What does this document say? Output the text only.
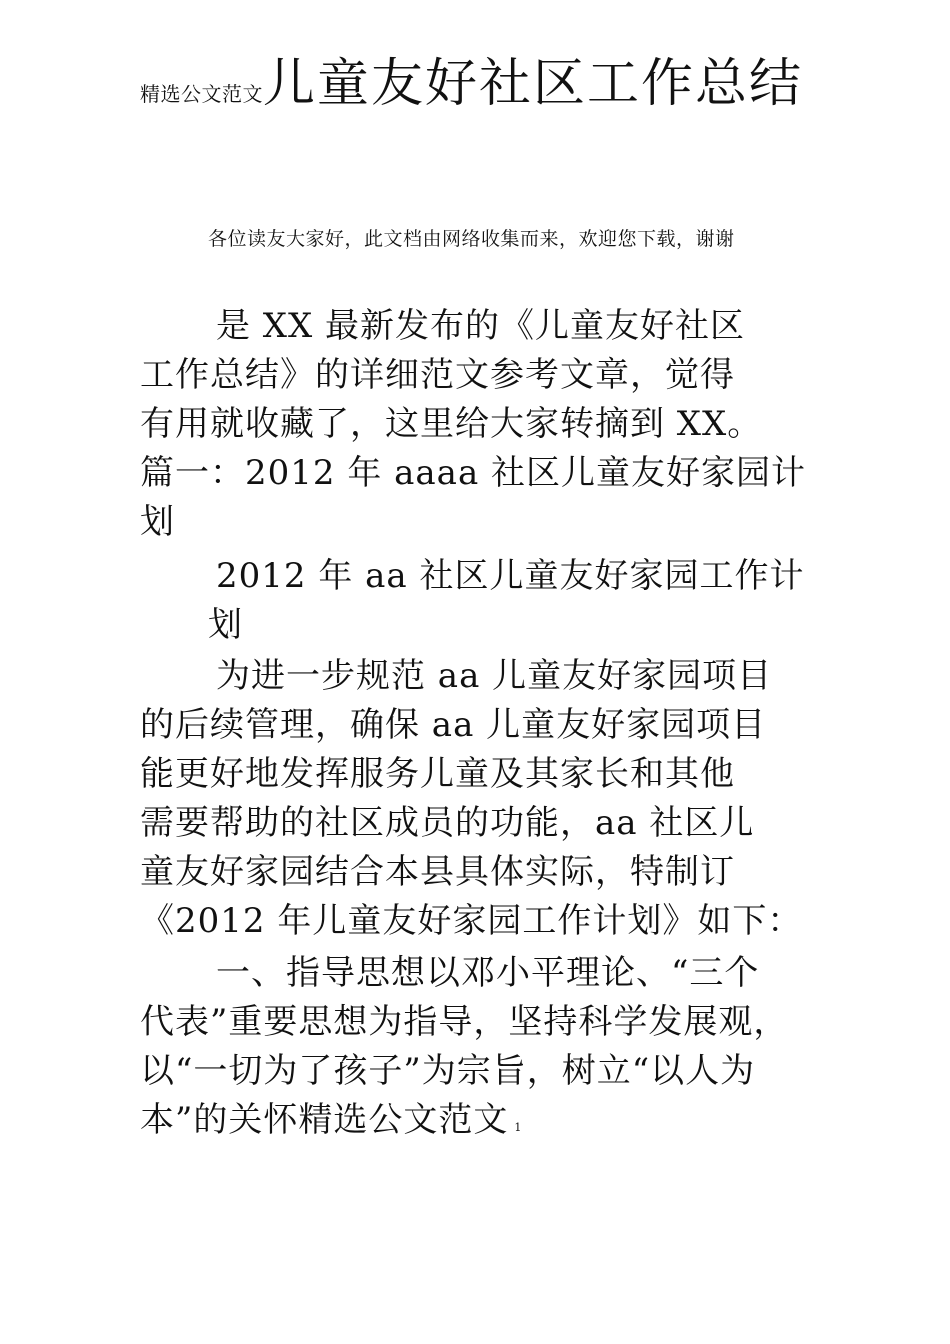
精选公文范文儿童友好社区工作总结
各位读友大家好，此文档由网络收集而来，欢迎您下载，谢谢
是 XX 最新发布的《儿童友好社区
工作总结》的详细范文参考文章，觉得
有用就收藏了，这里给大家转摘到 XX。
篇一：2012 年 aaaa 社区儿童友好家园计
划
2012 年 aa 社区儿童友好家园工作计
划
为进一步规范 aa 儿童友好家园项目
的后续管理，确保 aa 儿童友好家园项目
能更好地发挥服务儿童及其家长和其他
需要帮助的社区成员的功能，aa 社区儿
童友好家园结合本县具体实际，特制订
《2012 年儿童友好家园工作计划》如下：
一、指导思想以邓小平理论、“三个
代表”重要思想为指导，坚持科学发展观，
以“一切为了孩子”为宗旨，树立“以人为
本”的关怀精选公文范文 1
